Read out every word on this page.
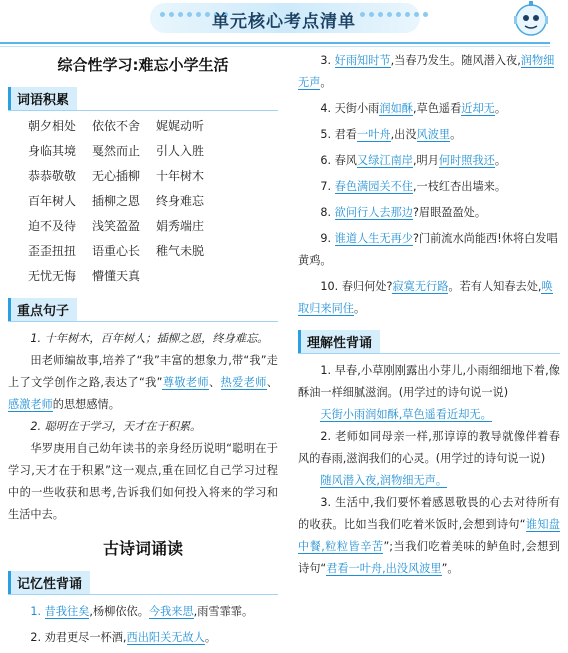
单元核心考点清单
综合性学习:难忘小学生活
词语积累
朝夕相处	依依不舍	娓娓动听
身临其境	戛然而止	引人入胜
恭恭敬敬	无心插柳	十年树木
百年树人	插柳之恩	终身难忘
迫不及待	浅笑盈盈	娟秀端庄
歪歪扭扭	语重心长	稚气未脱
无忧无悔	懵懂天真
重点句子

1. 十年树木，百年树人；插柳之恩，终身难忘。

田老师编故事,培养了“我”丰富的想象力,带“我”走上了文学创作之路,表达了“我”尊敬老师、热爱老师、感激老师的思想感情。

2. 聪明在于学习，天才在于积累。

华罗庚用自己幼年读书的亲身经历说明“聪明在于学习,天才在于积累”这一观点,重在回忆自己学习过程中的一些收获和思考,告诉我们如何投入将来的学习和生活中去。

古诗词诵读
记忆性背诵
1. 昔我往矣,杨柳依依。今我来思,雨雪霏霏。
2. 劝君更尽一杯酒,西出阳关无故人。
3. 好雨知时节,当春乃发生。随风潜入夜,润物细无声。
4. 天街小雨润如酥,草色遥看近却无。
5. 君看一叶舟,出没风波里。
6. 春风又绿江南岸,明月何时照我还。
7. 春色满园关不住,一枝红杏出墙来。
8. 欲问行人去那边?眉眼盈盈处。
9. 谁道人生无再少?门前流水尚能西!休将白发唱黄鸡。
10. 春归何处?寂寞无行路。若有人知春去处,唤取归来同住。
理解性背诵

1. 早春,小草刚刚露出小芽儿,小雨细细地下着,像酥油一样细腻滋润。(用学过的诗句说一说)

天街小雨润如酥,草色遥看近却无。

2. 老师如同母亲一样,那谆谆的教导就像伴着春风的春雨,滋润我们的心灵。(用学过的诗句说一说)

随风潜入夜,润物细无声。

3. 生活中,我们要怀着感恩敬畏的心去对待所有的收获。比如当我们吃着米饭时,会想到诗句“谁知盘中餐,粒粒皆辛苦”;当我们吃着美味的鲈鱼时,会想到诗句“君看一叶舟,出没风波里”。
